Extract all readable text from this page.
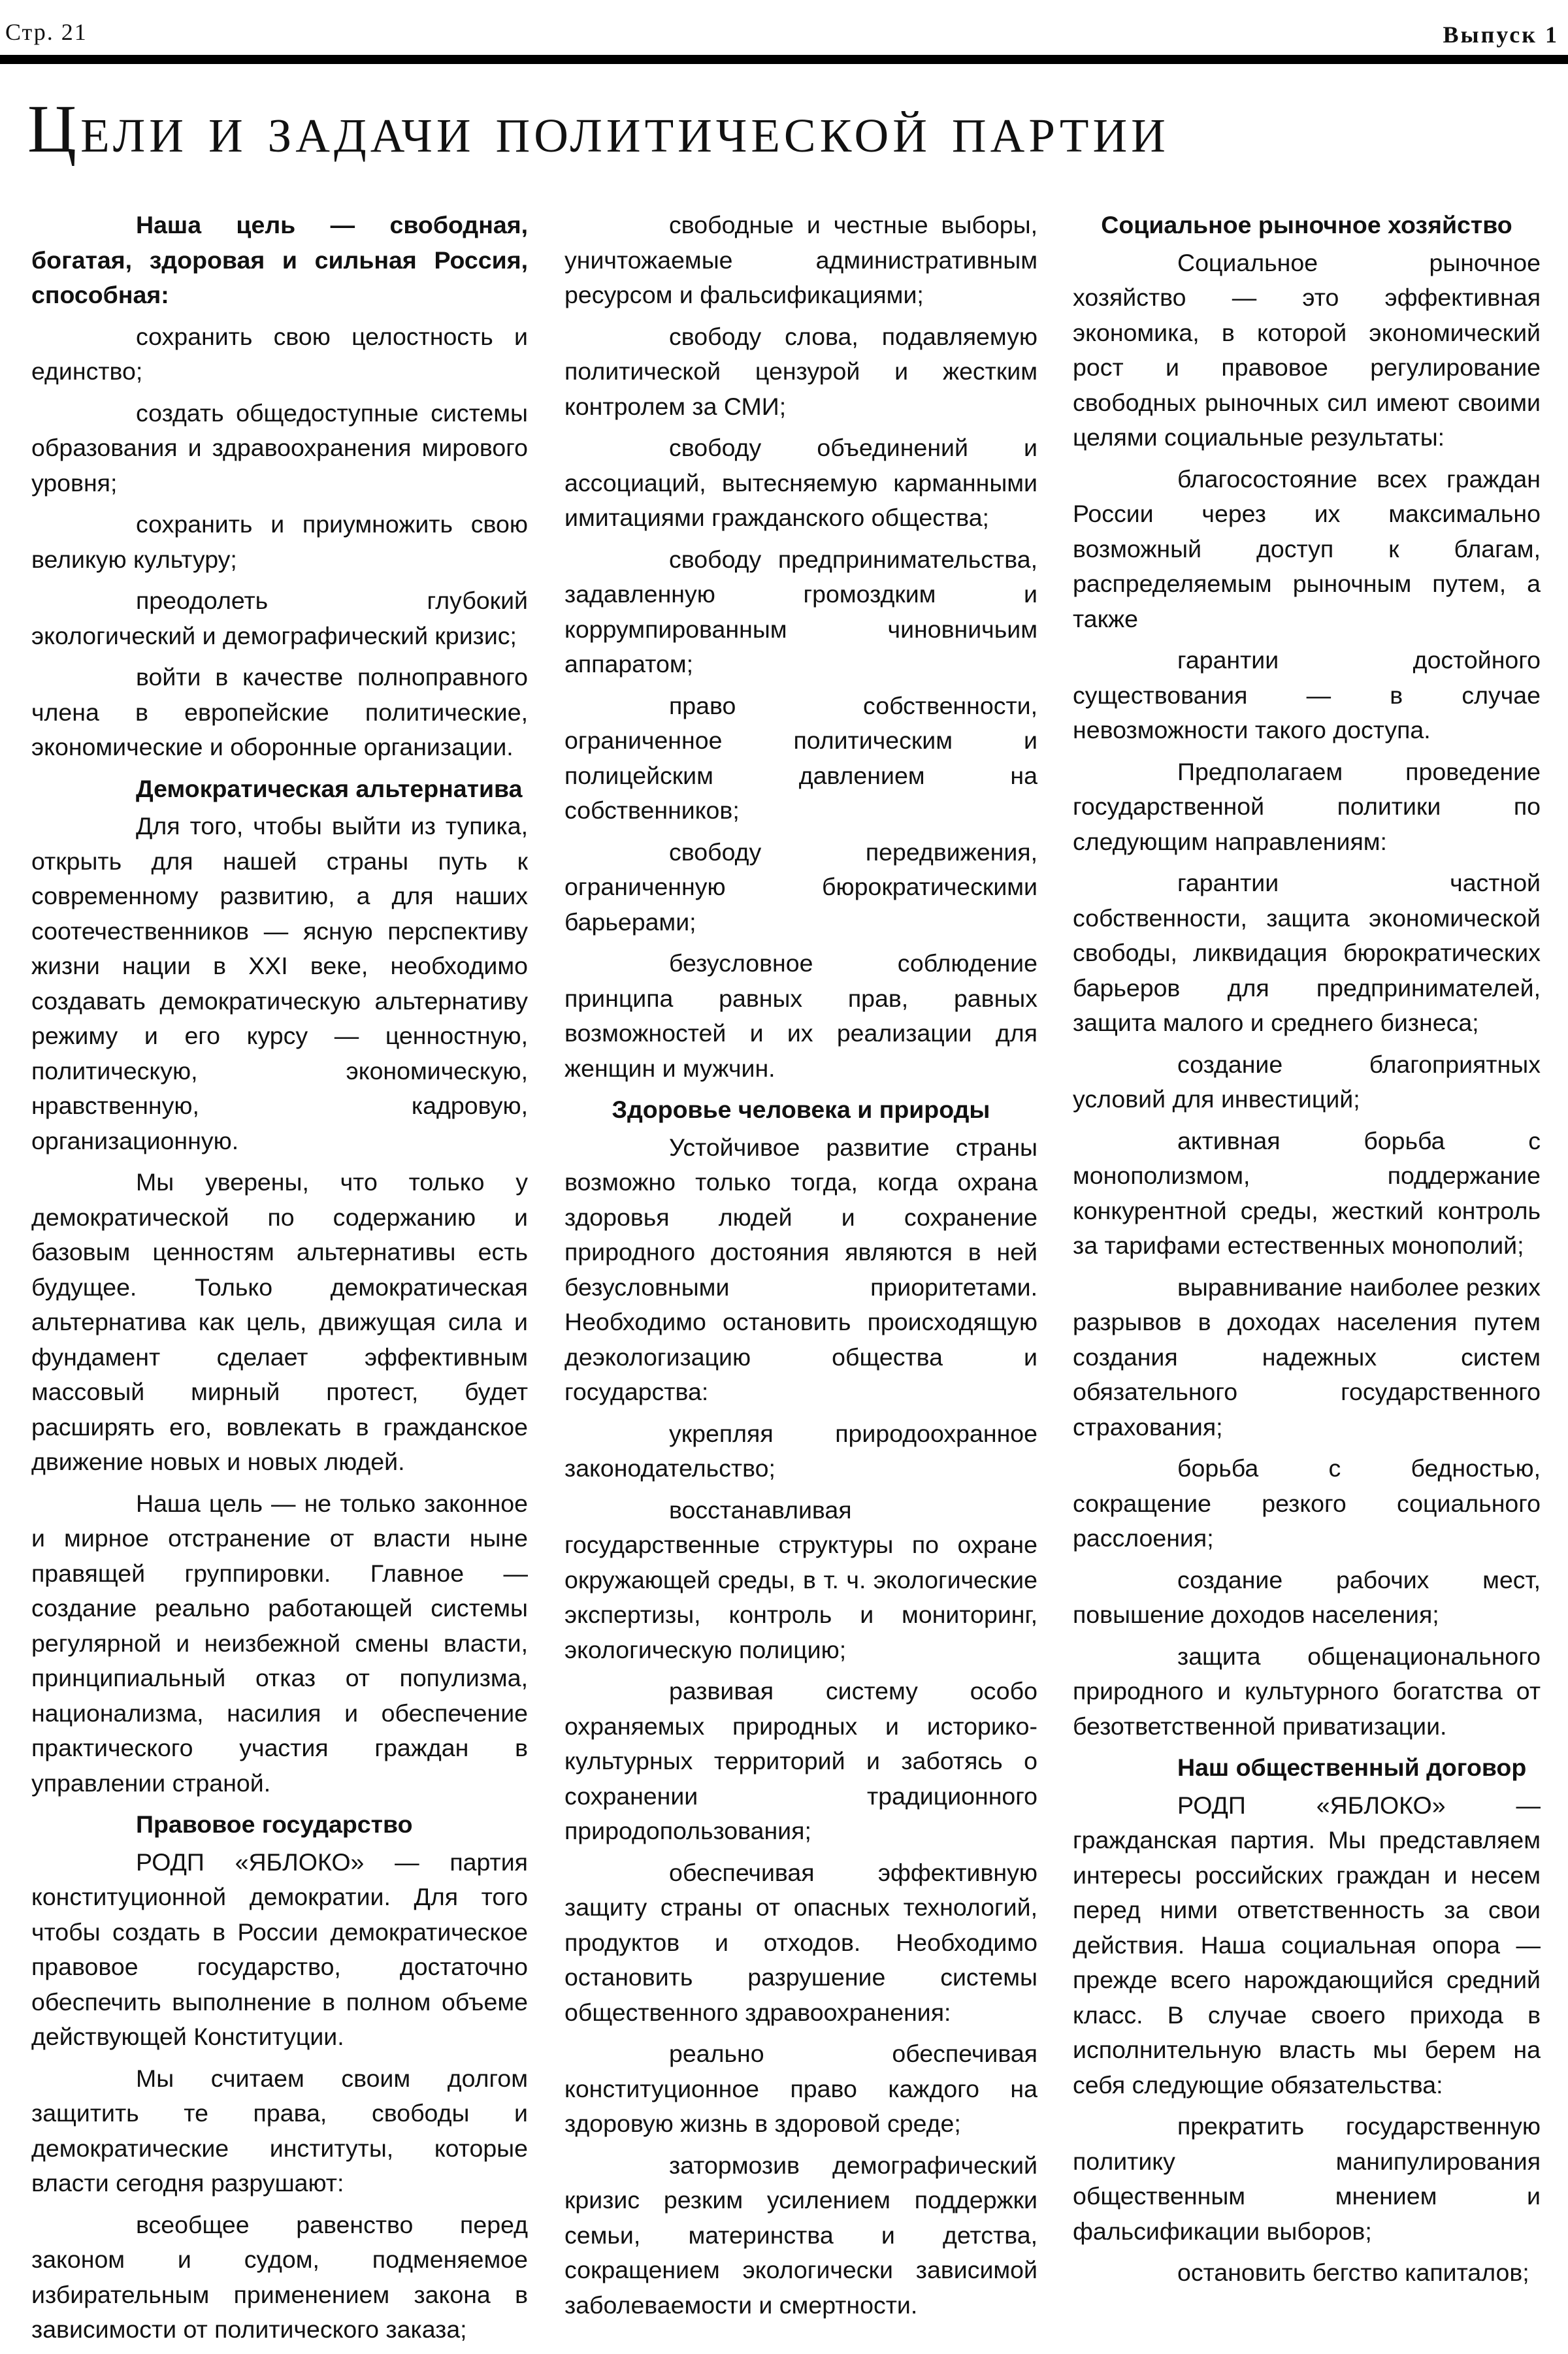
Стр. 21	Выпуск 1
Цели и задачи политической партии

Наша цель — свободная, богатая, здоровая и сильная Россия, способная:

сохранить свою целостность и единство;

создать общедоступные системы образования и здравоохранения мирового уровня;

сохранить и приумножить свою великую культуру;

преодолеть глубокий экологический и демографический кризис;

войти в качестве полноправного члена в европейские политические, экономические и оборонные организации.

Демократическая альтернатива

Для того, чтобы выйти из тупика, открыть для нашей страны путь к современному развитию, а для наших соотечественников — ясную перспективу жизни нации в XXI веке, необходимо создавать демократическую альтернативу режиму и его курсу — ценностную, политическую, экономическую, нравственную, кадровую, организационную.

Мы уверены, что только у демократической по содержанию и базовым ценностям альтернативы есть будущее. Только демократическая альтернатива как цель, движущая сила и фундамент сделает эффективным массовый мирный протест, будет расширять его, вовлекать в гражданское движение новых и новых людей.

Наша цель — не только законное и мирное отстранение от власти ныне правящей группировки. Главное — создание реально работающей системы регулярной и неизбежной смены власти, принципиальный отказ от популизма, национализма, насилия и обеспечение практического участия граждан в управлении страной.

Правовое государство

РОДП «ЯБЛОКО» — партия конституционной демократии. Для того чтобы создать в России демократическое правовое государство, достаточно обеспечить выполнение в полном объеме действующей Конституции.

Мы считаем своим долгом защитить те права, свободы и демократические институты, которые власти сегодня разрушают:

всеобщее равенство перед законом и судом, подменяемое избирательным применением закона в зависимости от политического заказа;

свободные и честные выборы, уничтожаемые административным ресурсом и фальсификациями;

свободу слова, подавляемую политической цензурой и жестким контролем за СМИ;

свободу объединений и ассоциаций, вытесняемую карманными имитациями гражданского общества;

свободу предпринимательства, задавленную громоздким и коррумпированным чиновничьим аппаратом;

право собственности, ограниченное политическим и полицейским давлением на собственников;

свободу передвижения, ограниченную бюрократическими барьерами;

безусловное соблюдение принципа равных прав, равных возможностей и их реализации для женщин и мужчин.

Здоровье человека и природы

Устойчивое развитие страны возможно только тогда, когда охрана здоровья людей и сохранение природного достояния являются в ней безусловными приоритетами. Необходимо остановить происходящую деэкологизацию общества и государства:

укрепляя природоохранное законодательство;

восстанавливая государственные структуры по охране окружающей среды, в т. ч. экологические экспертизы, контроль и мониторинг, экологическую полицию;

развивая систему особо охраняемых природных и историко-культурных территорий и заботясь о сохранении традиционного природопользования;

обеспечивая эффективную защиту страны от опасных технологий, продуктов и отходов. Необходимо остановить разрушение системы общественного здравоохранения:

реально обеспечивая конституционное право каждого на здоровую жизнь в здоровой среде;

затормозив демографический кризис резким усилением поддержки семьи, материнства и детства, сокращением экологически зависимой заболеваемости и смертности.

Социальное рыночное хозяйство

Социальное рыночное хозяйство — это эффективная экономика, в которой экономический рост и правовое регулирование свободных рыночных сил имеют своими целями социальные результаты:

благосостояние всех граждан России через их максимально возможный доступ к благам, распределяемым рыночным путем, а также

гарантии достойного существования — в случае невозможности такого доступа.

Предполагаем проведение государственной политики по следующим направлениям:

гарантии частной собственности, защита экономической свободы, ликвидация бюрократических барьеров для предпринимателей, защита малого и среднего бизнеса;

создание благоприятных условий для инвестиций;

активная борьба с монополизмом, поддержание конкурентной среды, жесткий контроль за тарифами естественных монополий;

выравнивание наиболее резких разрывов в доходах населения путем создания надежных систем обязательного государственного страхования;

борьба с бедностью, сокращение резкого социального расслоения;

создание рабочих мест, повышение доходов населения;

защита общенационального природного и культурного богатства от безответственной приватизации.

Наш общественный договор

РОДП «ЯБЛОКО» — гражданская партия. Мы представляем интересы российских граждан и несем перед ними ответственность за свои действия. Наша социальная опора — прежде всего нарождающийся средний класс. В случае своего прихода в исполнительную власть мы берем на себя следующие обязательства:

прекратить государственную политику манипулирования общественным мнением и фальсификации выборов;

остановить бегство капиталов;
